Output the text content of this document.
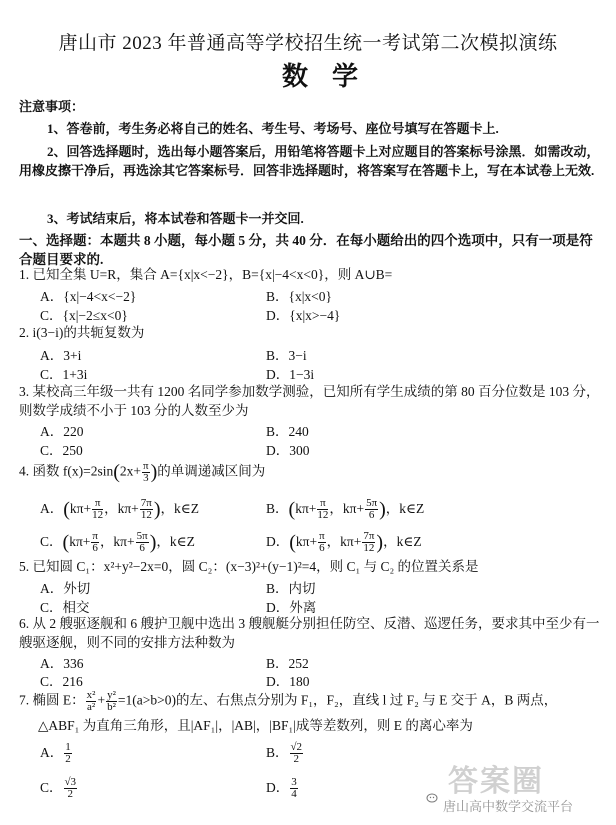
唐山市 2023 年普通高等学校招生统一考试第二次模拟演练
数学
注意事项：
1、答卷前，考生务必将自己的姓名、考生号、考场号、座位号填写在答题卡上.
2、回答选择题时，选出每小题答案后，用铅笔将答题卡上对应题目的答案标号涂黑．如需改动，用橡皮擦干净后，再选涂其它答案标号．回答非选择题时，将答案写在答题卡上，写在本试卷上无效.
3、考试结束后，将本试卷和答题卡一并交回.
一、选择题：本题共 8 小题，每小题 5 分，共 40 分．在每小题给出的四个选项中，只有一项是符合题目要求的.
1. 已知全集 U=R，集合 A={x|x<−2}，B={x|−4<x<0}，则 A∪B=
A．{x|−4<x<−2}	B．{x|x<0}
C．{x|−2≤x<0}	D．{x|x>−4}
2. i(3−i)的共轭复数为
A．3+i	B．3−i
C．1+3i	D．1−3i
3. 某校高三年级一共有 1200 名同学参加数学测验，已知所有学生成绩的第 80 百分位数是 103 分，则数学成绩不小于 103 分的人数至少为
A．220	B．240
C．250	D．300
4. 函数 $f(x)=2\sin(2x+ \frac{\pi}{3}$ )的单调递减区间为
A．($k\pi+ \frac{\pi}{12}$ ，$k\pi+ \frac{7\pi}{12}$ )，k∈Z	B．($k\pi+ \frac{\pi}{12}$ ，$k\pi+ \frac{5\pi}{6}$ )，k∈Z
C．($k\pi+ \frac{\pi}{6}$ ，$k\pi+ \frac{5\pi}{6}$ )，k∈Z	D．($k\pi+ \frac{\pi}{6}$ ，$k\pi+ \frac{7\pi}{12}$ )，k∈Z
5. 已知圆 C₁：x²+y²−2x=0，圆 C₂：(x−3)²+(y−1)²=4，则 C₁ 与 C₂ 的位置关系是
A．外切	B．内切
C．相交	D．外离
6. 从 2 艘驱逐舰和 6 艘护卫舰中选出 3 艘舰艇分别担任防空、反潜、巡逻任务，要求其中至少有一艘驱逐舰，则不同的安排方法种数为
A．336	B．252
C．216	D．180
7. 椭圆 E： $\frac{\text{x²}}{\text{a²}} + \frac{\text{y²}}{\text{b²}} =1(a>b>0)$的左、右焦点分别为 F₁，F₂，直线 l 过 F₂ 与 E 交于 A，B 两点，
△ABF₁ 为直角三角形，且|AF₁|，|AB|，|BF₁|成等差数列，则 E 的离心率为
A． $\frac{1}{2}$	B． $\frac{√2}{2}$
C． $\frac{√3}{2}$	D． $\frac{3}{4}$	答案圈
唐山高中数学交流平台
